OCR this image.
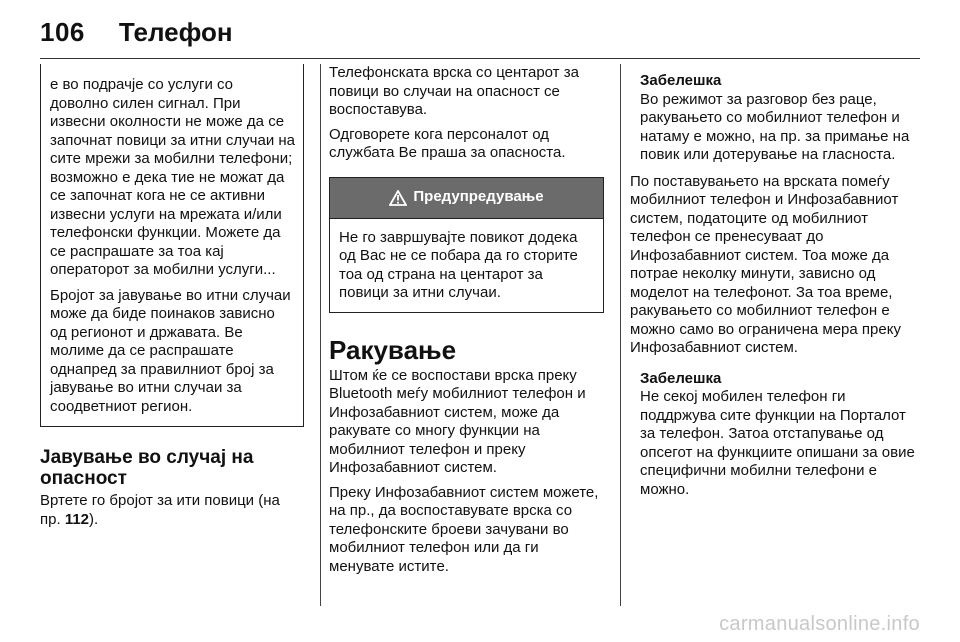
106 Телефон

е во подрачје со услуги со доволно силен сигнал. При извесни околности не може да се започнат повици за итни случаи на сите мрежи за мобилни телефони; возможно е дека тие не можат да се започнат кога не се активни извесни услуги на мрежата и/или телефонски функции. Можете да се распрашате за тоа кај операторот за мобилни услуги...

Бројот за јавување во итни случаи може да биде поинаков зависно од регионот и државата. Ве молиме да се распрашате однапред за правилниот број за јавување во итни случаи за соодветниот регион.

Јавување во случај на опасност
Вртете го бројот за ити повици (на пр. 112).

Телефонската врска со центарот за повици во случаи на опасност се воспоставува.

Одговорете кога персоналот од службата Ве праша за опасноста.

Предупредување
Не го завршувајте повикот додека од Вас не се побара да го сторите тоа од страна на центарот за повици за итни случаи.
Ракување

Штом ќе се воспостави врска преку Bluetooth меѓу мобилниот телефон и Инфозабавниот систем, може да ракувате со многу функции на мобилниот телефон и преку Инфозабавниот систем.

Преку Инфозабавниот систем можете, на пр., да воспоставувате врска со телефонските броеви зачувани во мобилниот телефон или да ги менувате иститe.

Забелешка

Во режимот за разговор без раце, ракувањето со мобилниот телефон и натаму е можно, на пр. за примање на повик или дотерување на гласноста.

По поставувањето на врската помеѓу мобилниот телефон и Инфозабавниот систем, податоците од мобилниот телефон се пренесуваат до Инфозабавниот систем. Тоа може да потрае неколку минути, зависно од моделот на телефонот. За тоа време, ракувањето со мобилниот телефон е можно само во ограничена мера преку Инфозабавниот систем.

Забелешка

Не секој мобилен телефон ги поддржува сите функции на Порталот за телефон. Затоа отстапување од опсегот на функциите опишани за овие специфични мобилни телефони е можно.

carmanualsonline.info
